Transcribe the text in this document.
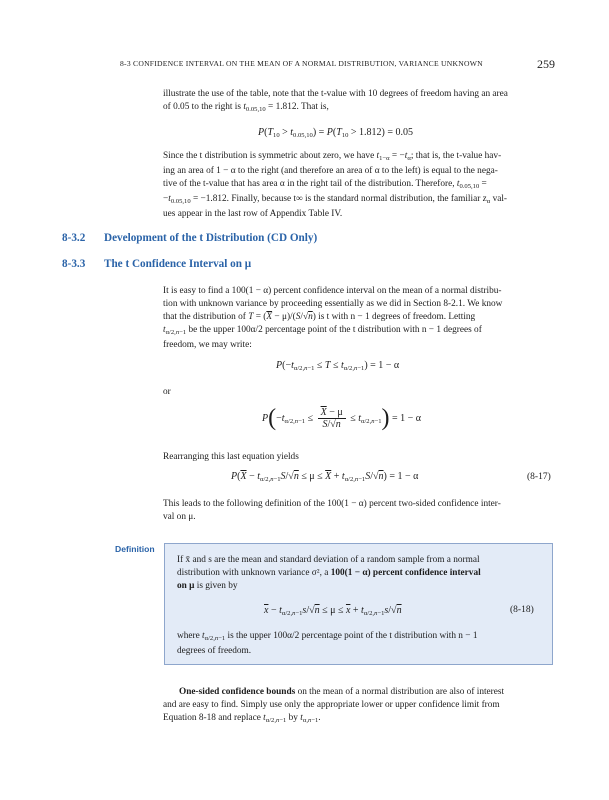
8-3 CONFIDENCE INTERVAL ON THE MEAN OF A NORMAL DISTRIBUTION, VARIANCE UNKNOWN	259

illustrate the use of the table, note that the t-value with 10 degrees of freedom having an area

of 0.05 to the right is $t_{0.05,10} = 1.812$. That is,

$P(T_{10} > t_{0.05,10}) = P(T_{10} > 1.812) = 0.05$

Since the t distribution is symmetric about zero, we have $t_{1-\alpha} = -t_\alpha$; that is, the t-value hav-

ing an area of 1 − α to the right (and therefore an area of α to the left) is equal to the nega-

tive of the t-value that has area α in the right tail of the distribution. Therefore, $t_{0.05,10}$ =

$-t_{0.05,10} = -1.812$. Finally, because t∞ is the standard normal distribution, the familiar $z_\alpha$ val-

ues appear in the last row of Appendix Table IV.

8-3.2 Development of the t Distribution (CD Only)
8-3.3 The t Confidence Interval on μ

It is easy to find a 100(1 − α) percent confidence interval on the mean of a normal distribu-

tion with unknown variance by proceeding essentially as we did in Section 8-2.1. We know

that the distribution of $T = (\overline{X} - \mu)/(S/√n)$ is t with n − 1 degrees of freedom. Letting

$t_{\alpha/2,n-1}$ be the upper 100α/2 percentage point of the t distribution with n − 1 degrees of

freedom, we may write:

$P(-t_{\alpha/2,n-1} \le T \le t_{\alpha/2,n-1}) = 1 - \alpha$
or
$P(-t_{\alpha/2,n-1} \le \frac{\overline{X} - \mu}{S/√n} \le t_{\alpha/2,n-1}) = 1 - \alpha$
Rearranging this last equation yields
$P(\overline{X} - t_{\alpha/2,n-1}S/√n \le \mu \le \overline{X} + t_{\alpha/2,n-1}S/√n) = 1 - \alpha$	(8-17)

This leads to the following definition of the 100(1 − α) percent two-sided confidence inter-

val on μ.

Definition

If x̄ and s are the mean and standard deviation of a random sample from a normal

distribution with unknown variance σ², a 100(1 − α) percent confidence interval

on μ is given by

$\overline{x} - t_{\alpha/2,n-1}s/√n \le \mu \le \overline{x} + t_{\alpha/2,n-1}s/√n$	(8-18)

where $t_{\alpha/2,n-1}$ is the upper 100α/2 percentage point of the t distribution with n − 1

degrees of freedom.

One-sided confidence bounds on the mean of a normal distribution are also of interest

and are easy to find. Simply use only the appropriate lower or upper confidence limit from

Equation 8-18 and replace $t_{\alpha/2,n-1}$ by $t_{\alpha,n-1}$.
